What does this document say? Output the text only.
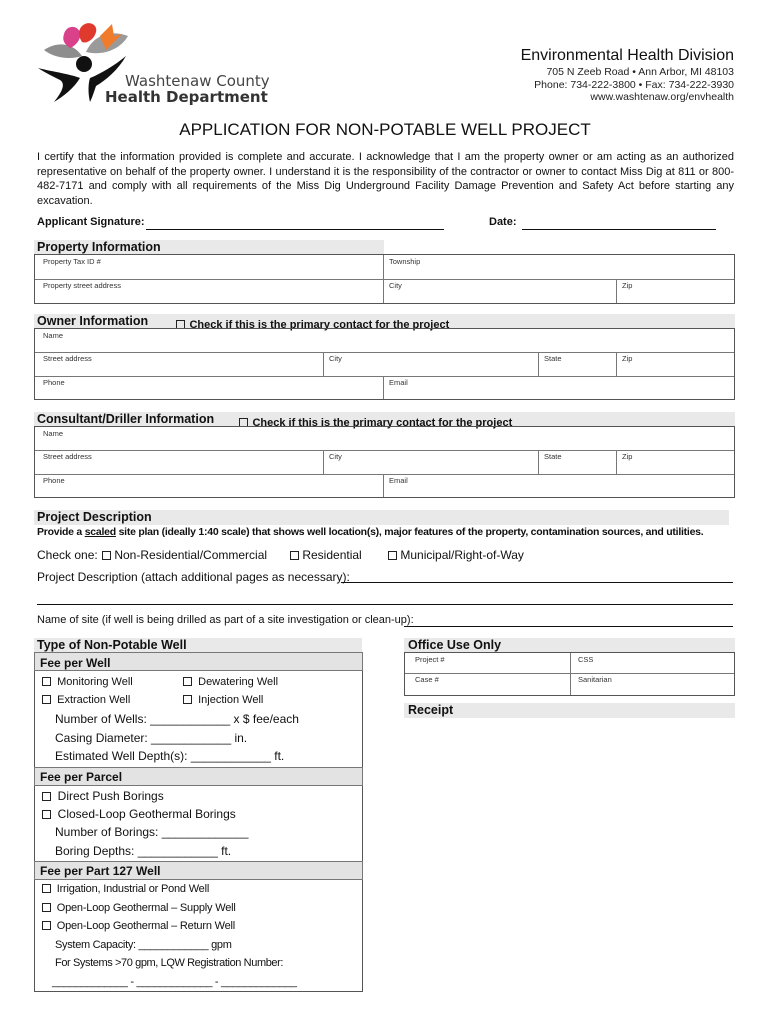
Washtenaw County
Health Department
Environmental Health Division
705 N Zeeb Road • Ann Arbor, MI 48103
Phone: 734-222-3800 • Fax: 734-222-3930
www.washtenaw.org/envhealth
APPLICATION FOR NON-POTABLE WELL PROJECT
I certify that the information provided is complete and accurate. I acknowledge that I am the property owner or am acting as an authorized representative on behalf of the property owner. I understand it is the responsibility of the contractor or owner to contact Miss Dig at 811 or 800-482-7171 and comply with all requirements of the Miss Dig Underground Facility Damage Prevention and Safety Act before starting any excavation.
Applicant Signature:	Date:
Property Information
Property Tax ID #	Township
Property street address	City	Zip
Owner Information	Check if this is the primary contact for the project
Name
Street address	City	State	Zip
Phone	Email
Consultant/Driller Information	Check if this is the primary contact for the project
Name
Street address	City	State	Zip
Phone	Email
Project Description
Provide a scaled site plan (ideally 1:40 scale) that shows well location(s), major features of the property, contamination sources, and utilities.
Check one:	Non-Residential/Commercial	Residential	Municipal/Right-of-Way
Project Description (attach additional pages as necessary):
Name of site (if well is being drilled as part of a site investigation or clean-up):
Type of Non-Potable Well
Fee per Well
Monitoring Well	Dewatering Well
Extraction Well	Injection Well
Number of Wells: ____________ x $ fee/each
Casing Diameter: ____________ in.
Estimated Well Depth(s): ____________ ft.
Fee per Parcel
Direct Push Borings
Closed-Loop Geothermal Borings
Number of Borings: _____________
Boring Depths: ____________ ft.
Fee per Part 127 Well
Irrigation, Industrial or Pond Well
Open-Loop Geothermal – Supply Well
Open-Loop Geothermal – Return Well
System Capacity: ____________ gpm
For Systems >70 gpm, LQW Registration Number:
_____________ - _____________ - _____________
Office Use Only
Project #	CSS
Case #	Sanitarian
Receipt
